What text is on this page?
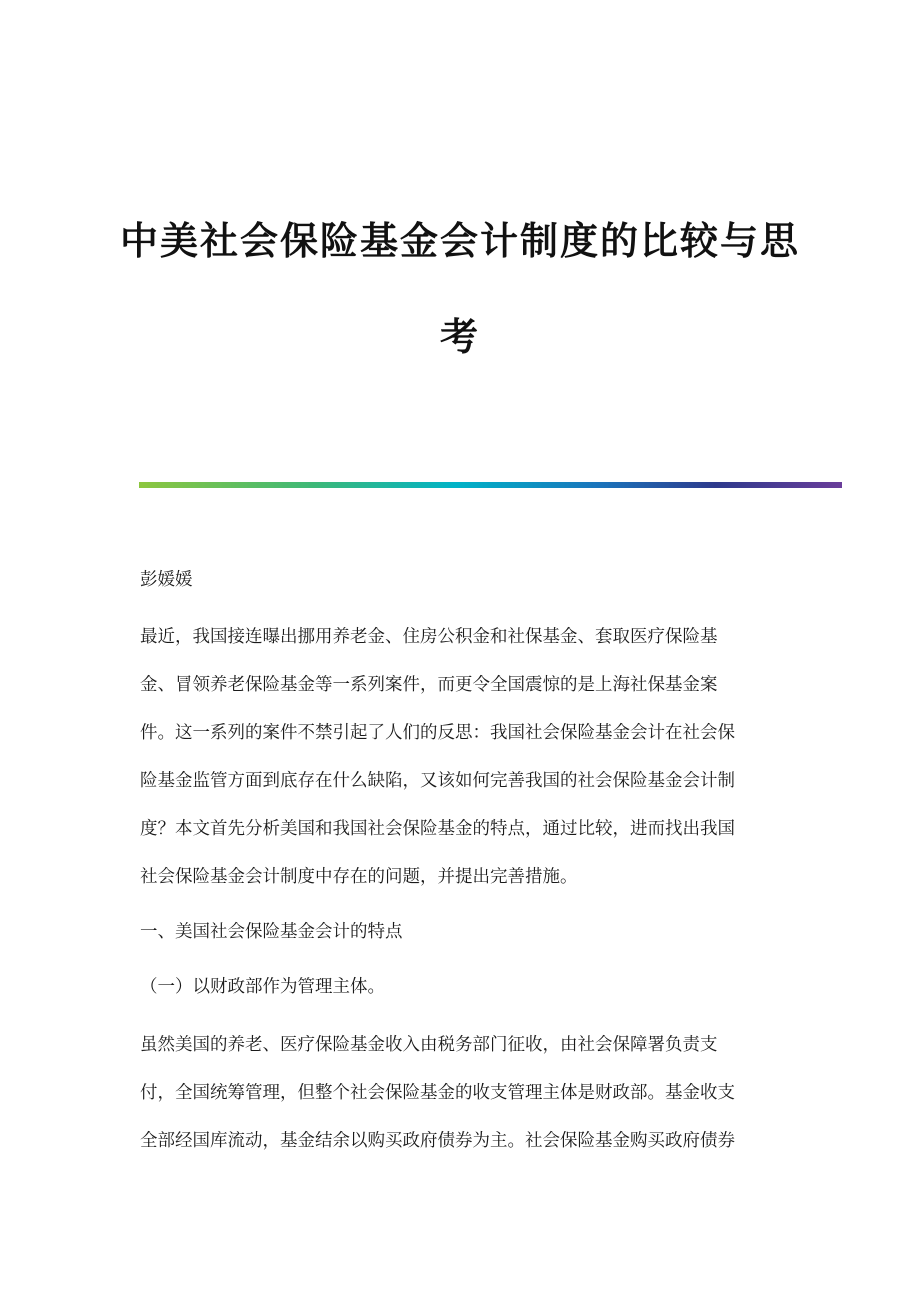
中美社会保险基金会计制度的比较与思
考
彭媛媛
最近，我国接连曝出挪用养老金、住房公积金和社保基金、套取医疗保险基
金、冒领养老保险基金等一系列案件，而更令全国震惊的是上海社保基金案
件。这一系列的案件不禁引起了人们的反思：我国社会保险基金会计在社会保
险基金监管方面到底存在什么缺陷，又该如何完善我国的社会保险基金会计制
度？本文首先分析美国和我国社会保险基金的特点，通过比较，进而找出我国
社会保险基金会计制度中存在的问题，并提出完善措施。
一、美国社会保险基金会计的特点
（一）以财政部作为管理主体。
虽然美国的养老、医疗保险基金收入由税务部门征收，由社会保障署负责支
付，全国统筹管理，但整个社会保险基金的收支管理主体是财政部。基金收支
全部经国库流动，基金结余以购买政府债券为主。社会保险基金购买政府债券
